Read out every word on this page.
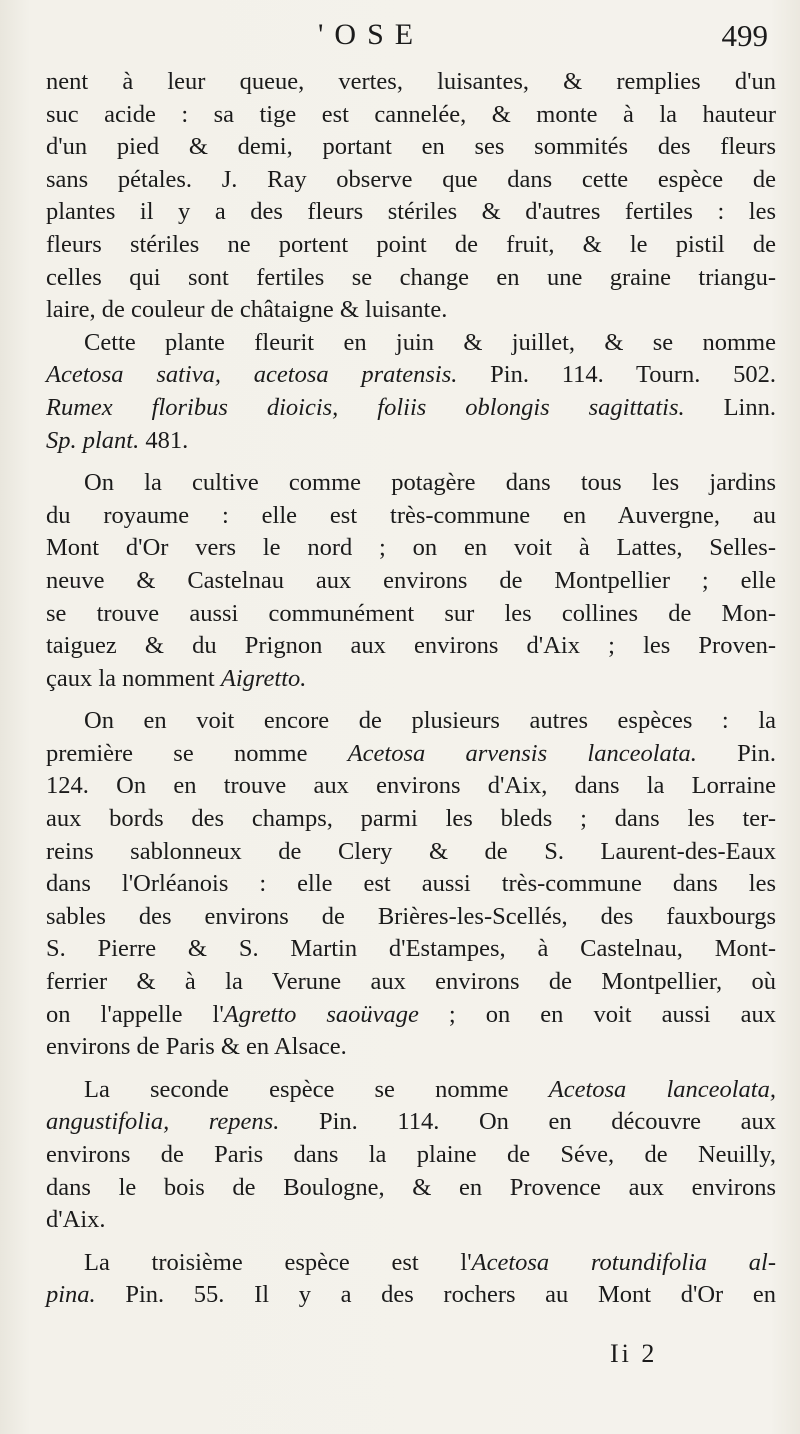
'OSE	499
nent à leur queue, vertes, luisantes, & remplies d'un
suc acide : sa tige est cannelée, & monte à la hauteur
d'un pied & demi, portant en ses sommités des fleurs
sans pétales. J. Ray observe que dans cette espèce de
plantes il y a des fleurs stériles & d'autres fertiles : les
fleurs stériles ne portent point de fruit, & le pistil de
celles qui sont fertiles se change en une graine triangu-
laire, de couleur de châtaigne & luisante.
Cette plante fleurit en juin & juillet, & se nomme
Acetosa sativa, acetosa pratensis. Pin. 114. Tourn. 502.
Rumex floribus dioicis, foliis oblongis sagittatis. Linn.
Sp. plant. 481.
On la cultive comme potagère dans tous les jardins
du royaume : elle est très-commune en Auvergne, au
Mont d'Or vers le nord ; on en voit à Lattes, Selles-
neuve & Castelnau aux environs de Montpellier ; elle
se trouve aussi communément sur les collines de Mon-
taiguez & du Prignon aux environs d'Aix ; les Proven-
çaux la nomment Aigretto.
On en voit encore de plusieurs autres espèces : la
première se nomme Acetosa arvensis lanceolata. Pin.
124. On en trouve aux environs d'Aix, dans la Lorraine
aux bords des champs, parmi les bleds ; dans les ter-
reins sablonneux de Clery & de S. Laurent-des-Eaux
dans l'Orléanois : elle est aussi très-commune dans les
sables des environs de Brières-les-Scellés, des fauxbourgs
S. Pierre & S. Martin d'Estampes, à Castelnau, Mont-
ferrier & à la Verune aux environs de Montpellier, où
on l'appelle l'Agretto saoüvage ; on en voit aussi aux
environs de Paris & en Alsace.
La seconde espèce se nomme Acetosa lanceolata,
angustifolia, repens. Pin. 114. On en découvre aux
environs de Paris dans la plaine de Séve, de Neuilly,
dans le bois de Boulogne, & en Provence aux environs
d'Aix.
La troisième espèce est l'Acetosa rotundifolia al-
pina. Pin. 55. Il y a des rochers au Mont d'Or en
Ii 2
